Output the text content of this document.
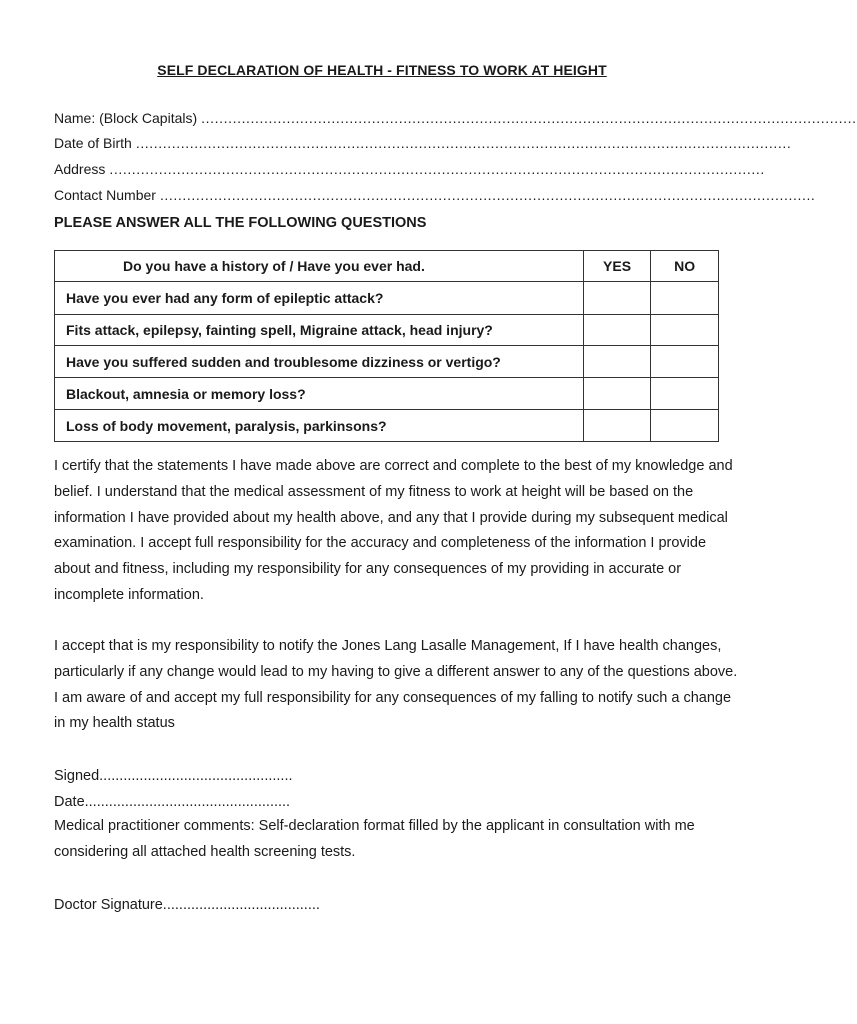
SELF DECLARATION OF HEALTH - FITNESS TO WORK AT HEIGHT
Name: (Block Capitals) ..................................................................................................................................................
Date of Birth ..................................................................................................................................................
Address ..................................................................................................................................................
Contact Number ..................................................................................................................................................
PLEASE ANSWER ALL THE FOLLOWING QUESTIONS
Do you have a history of / Have you ever had.	YES	NO
Have you ever had any form of epileptic attack?		
Fits attack, epilepsy, fainting spell, Migraine attack, head injury?		
Have you suffered sudden and troublesome dizziness or vertigo?		
Blackout, amnesia or memory loss?		
Loss of body movement, paralysis, parkinsons?		
I certify that the statements I have made above are correct and complete to the best of my knowledge and belief. I understand that the medical assessment of my fitness to work at height will be based on the information I have provided about my health above, and any that I provide during my subsequent medical examination. I accept full responsibility for the accuracy and completeness of the information I provide about and fitness, including my responsibility for any consequences of my providing in accurate or incomplete information.
I accept that is my responsibility to notify the Jones Lang Lasalle Management, If I have health changes, particularly if any change would lead to my having to give a different answer to any of the questions above. I am aware of and accept my full responsibility for any consequences of my falling to notify such a change in my health status
Signed................................................
Date...................................................
Medical practitioner comments: Self-declaration format filled by the applicant in consultation with me considering all attached health screening tests.
Doctor Signature.......................................
